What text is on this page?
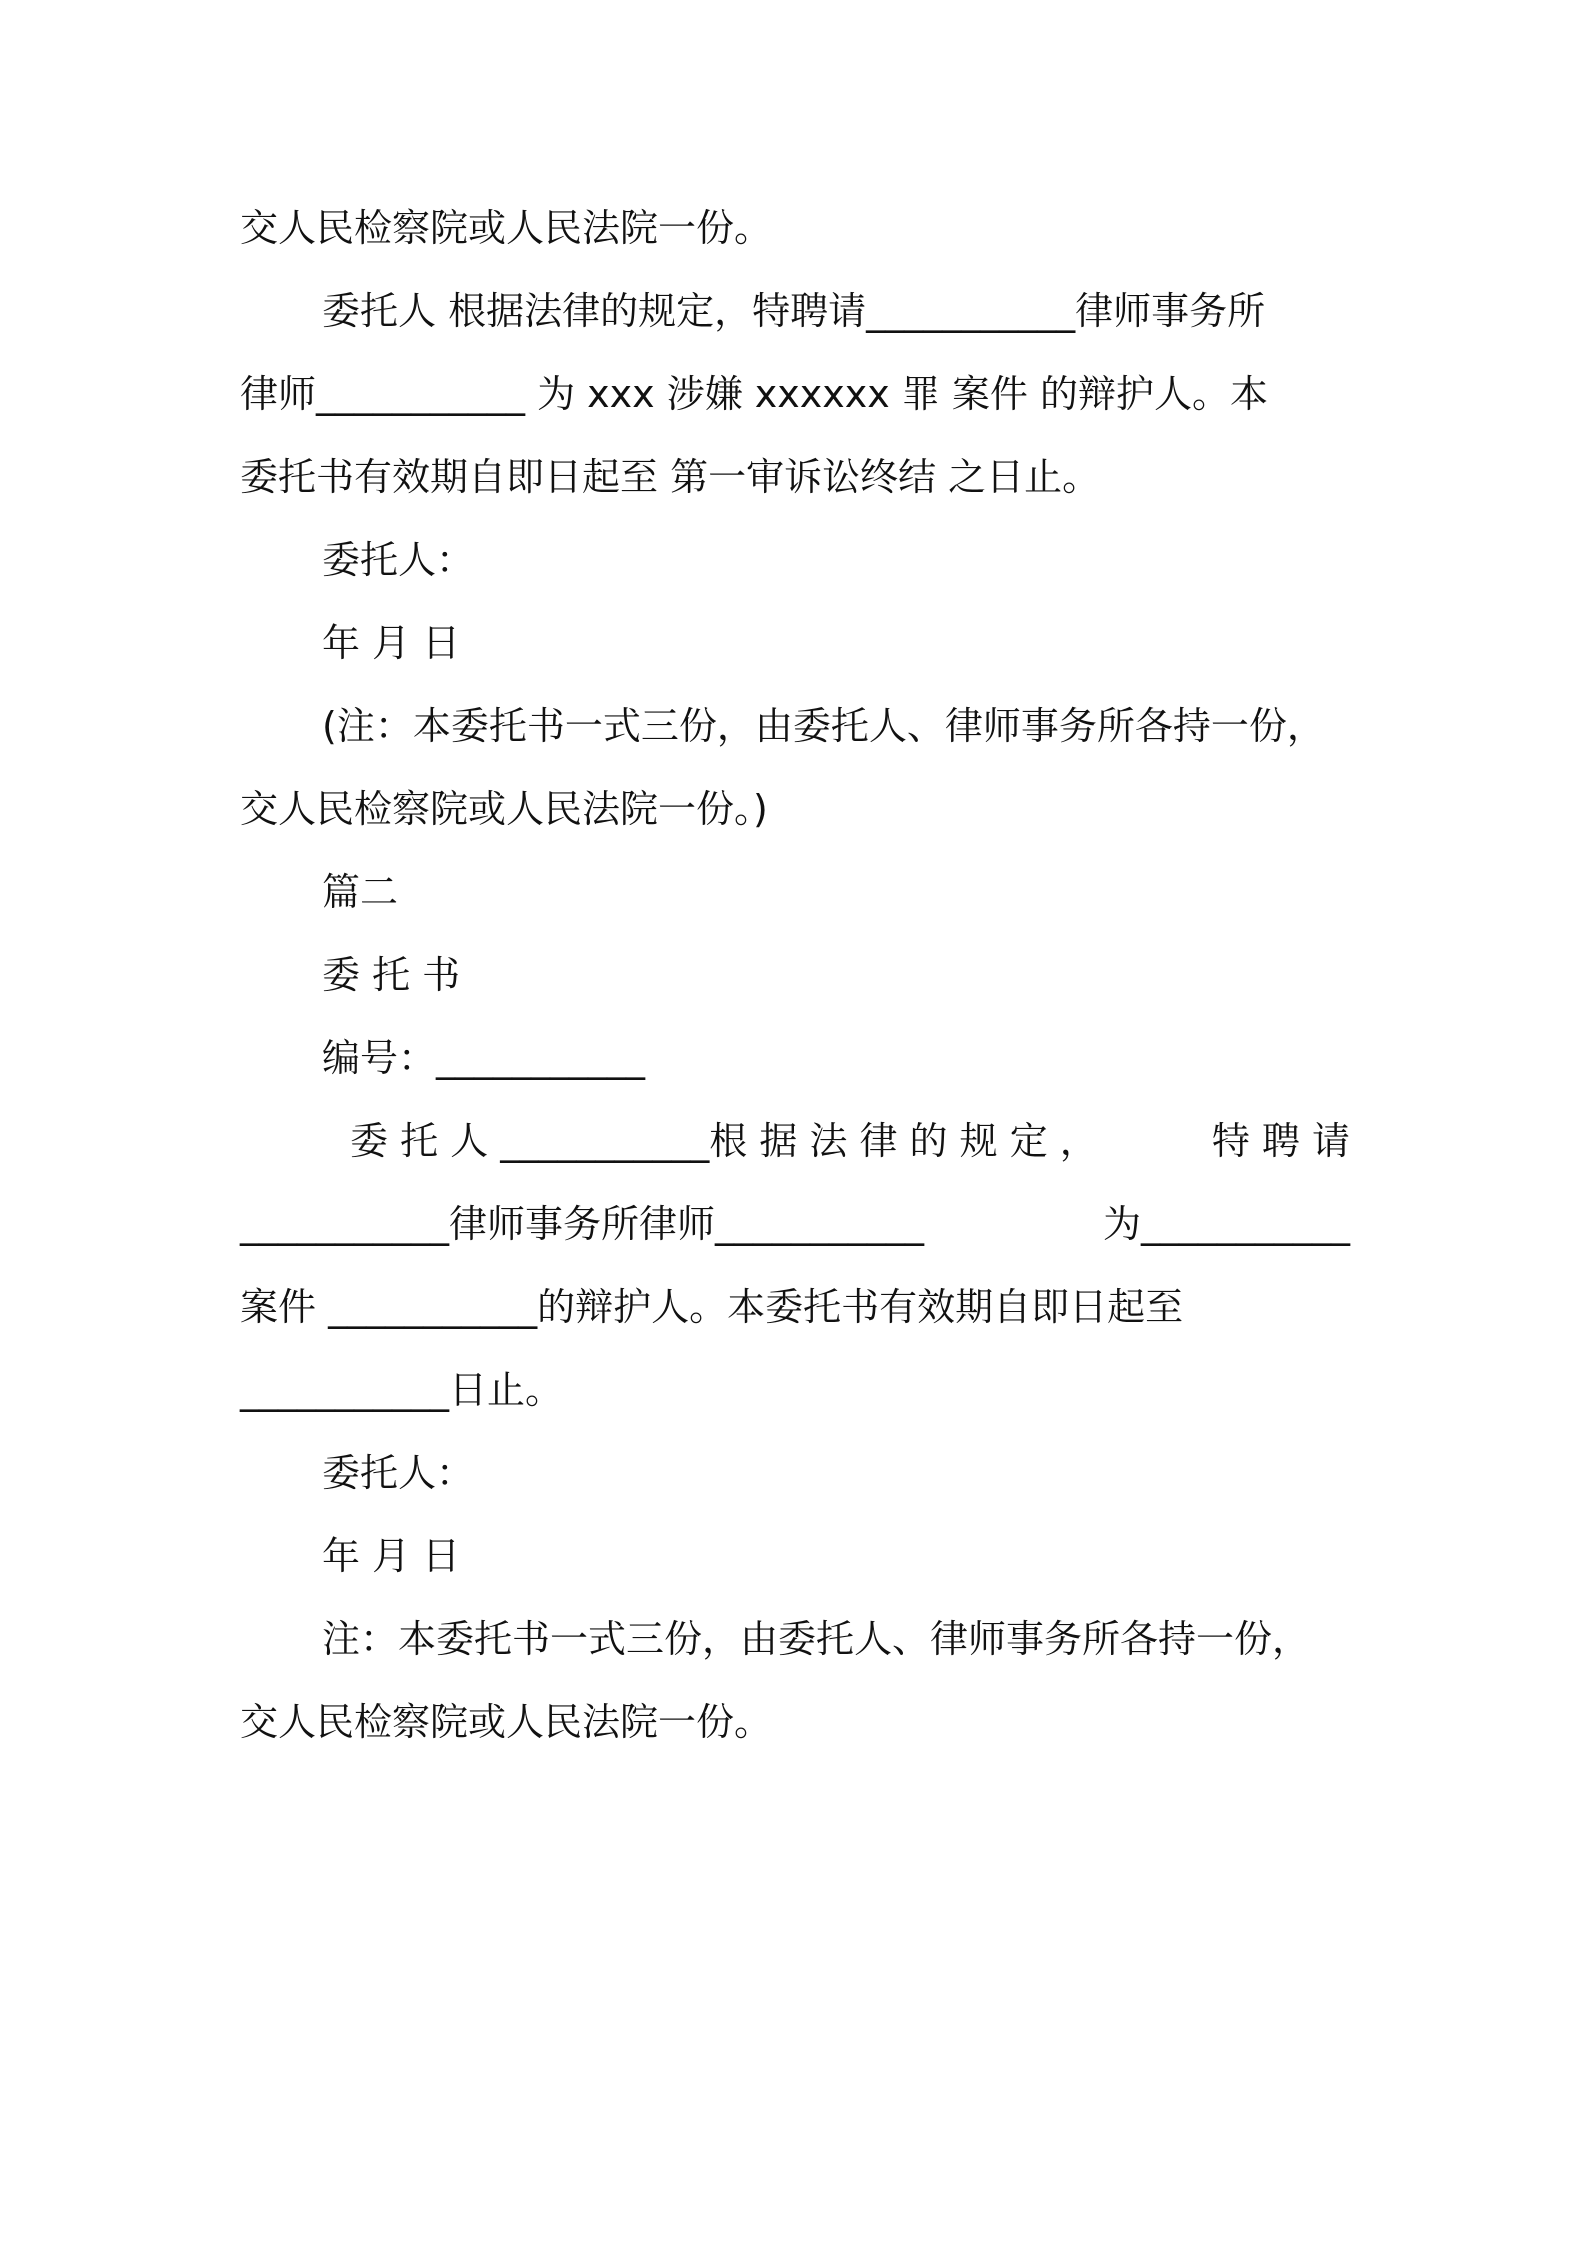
交人民检察院或人民法院一份。
委托人 根据法律的规定，特聘请___________律师事务所
律师___________ 为 xxx 涉嫌 xxxxxx 罪 案件 的辩护人。本
委托书有效期自即日起至 第一审诉讼终结 之日止。
委托人：
年 月 日
(注：本委托书一式三份，由委托人、律师事务所各持一份，
交人民检察院或人民法院一份。)
篇二
委 托 书
编号：___________
委 托 人 ___________根 据 法 律 的 规 定 ，	特 聘 请
___________律师事务所律师___________	为___________
案件 ___________的辩护人。本委托书有效期自即日起至
___________日止。
委托人：
年 月 日
注：本委托书一式三份，由委托人、律师事务所各持一份，
交人民检察院或人民法院一份。
